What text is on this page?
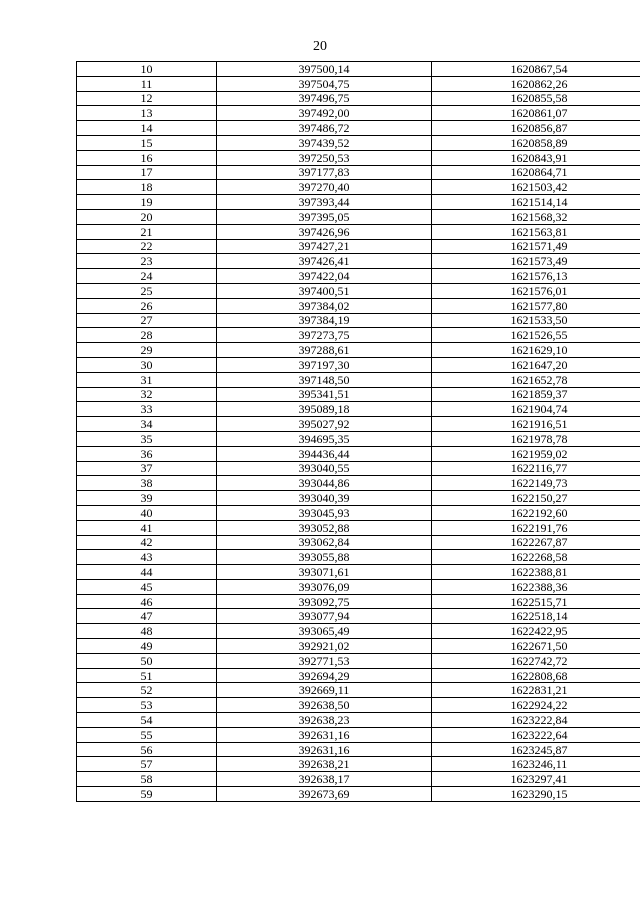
20
10	397500,14	1620867,54
11	397504,75	1620862,26
12	397496,75	1620855,58
13	397492,00	1620861,07
14	397486,72	1620856,87
15	397439,52	1620858,89
16	397250,53	1620843,91
17	397177,83	1620864,71
18	397270,40	1621503,42
19	397393,44	1621514,14
20	397395,05	1621568,32
21	397426,96	1621563,81
22	397427,21	1621571,49
23	397426,41	1621573,49
24	397422,04	1621576,13
25	397400,51	1621576,01
26	397384,02	1621577,80
27	397384,19	1621533,50
28	397273,75	1621526,55
29	397288,61	1621629,10
30	397197,30	1621647,20
31	397148,50	1621652,78
32	395341,51	1621859,37
33	395089,18	1621904,74
34	395027,92	1621916,51
35	394695,35	1621978,78
36	394436,44	1621959,02
37	393040,55	1622116,77
38	393044,86	1622149,73
39	393040,39	1622150,27
40	393045,93	1622192,60
41	393052,88	1622191,76
42	393062,84	1622267,87
43	393055,88	1622268,58
44	393071,61	1622388,81
45	393076,09	1622388,36
46	393092,75	1622515,71
47	393077,94	1622518,14
48	393065,49	1622422,95
49	392921,02	1622671,50
50	392771,53	1622742,72
51	392694,29	1622808,68
52	392669,11	1622831,21
53	392638,50	1622924,22
54	392638,23	1623222,84
55	392631,16	1623222,64
56	392631,16	1623245,87
57	392638,21	1623246,11
58	392638,17	1623297,41
59	392673,69	1623290,15
